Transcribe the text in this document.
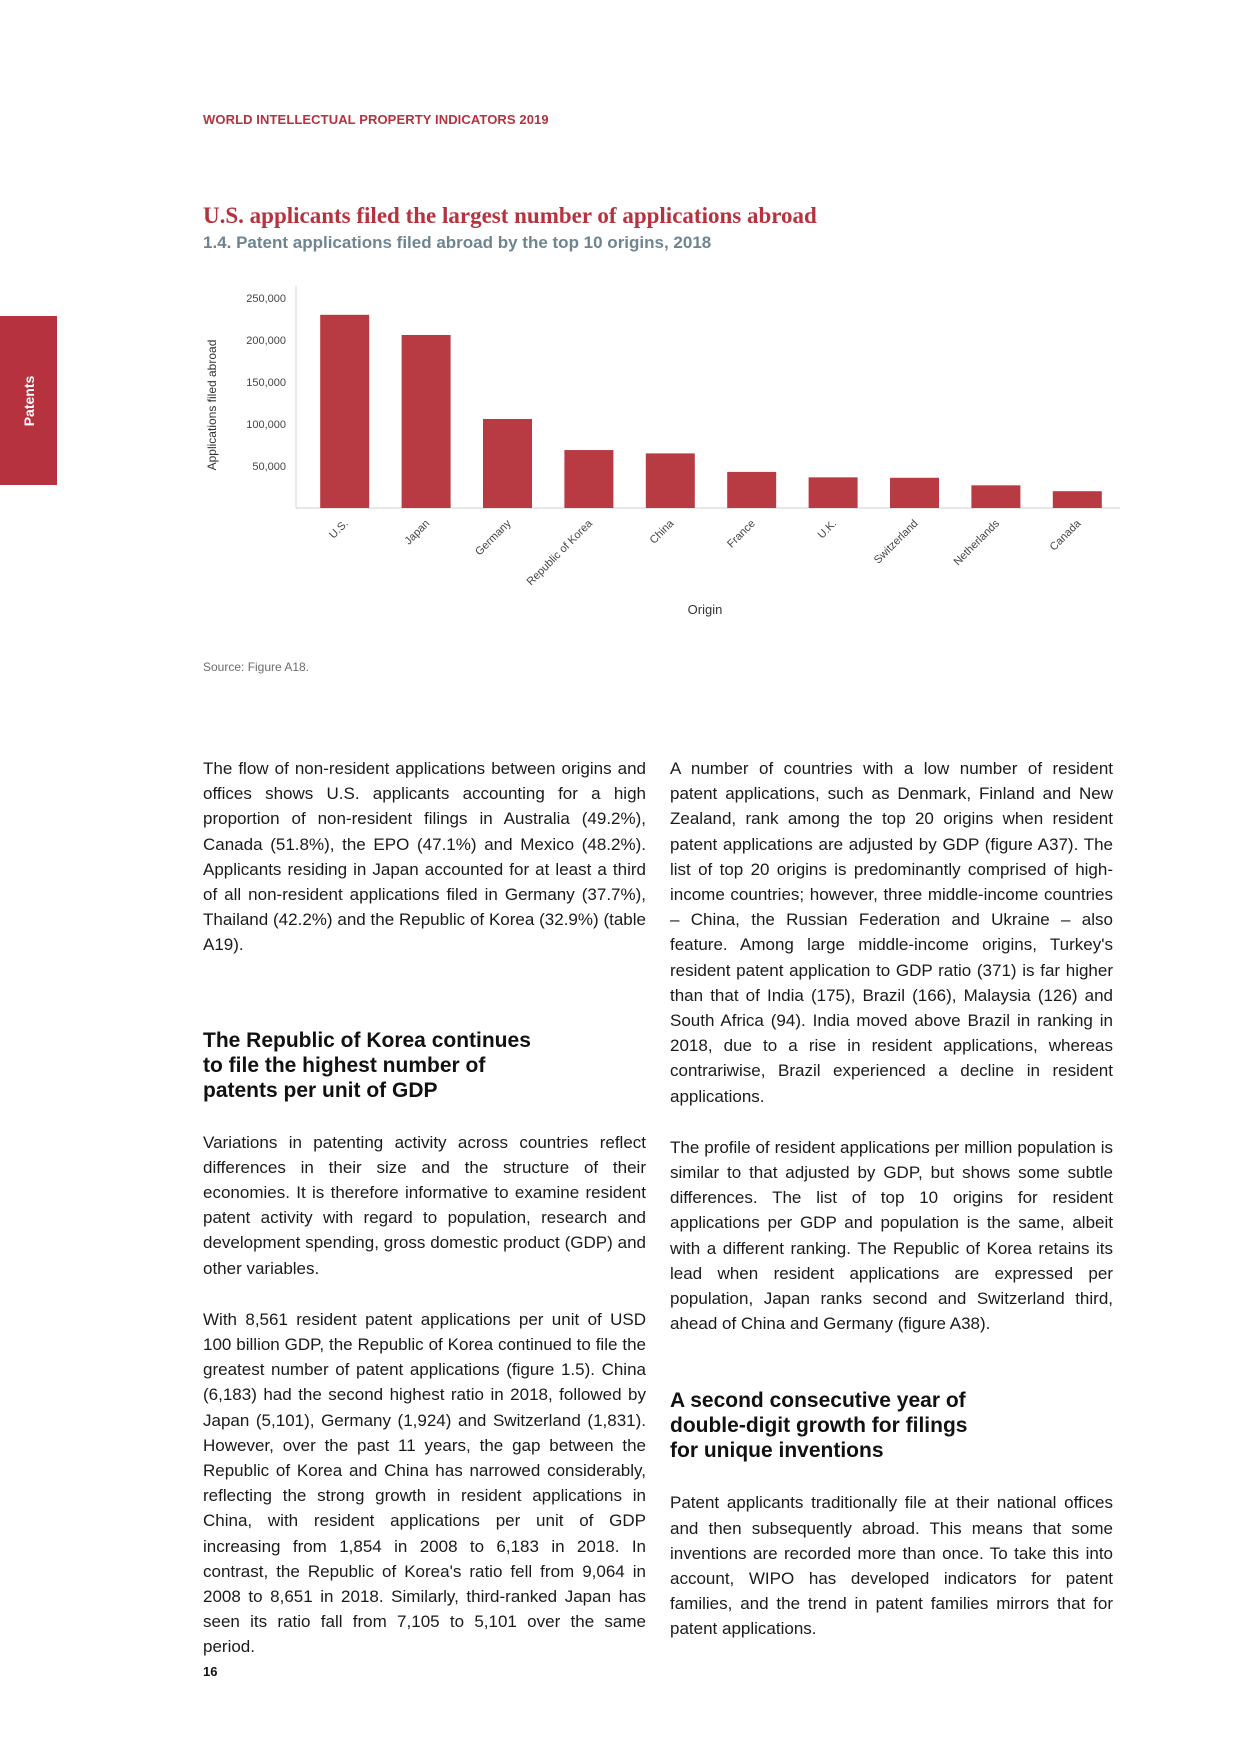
WORLD INTELLECTUAL PROPERTY INDICATORS 2019
Patents
U.S. applicants filed the largest number of applications abroad
1.4. Patent applications filed abroad by the top 10 origins, 2018
50,000
100,000
150,000
200,000
250,000
U.S.	Japan	Germany Republic of Korea	China	France	U.K.	Switzerland	Netherlands	Canada
Applications filed abroad
Origin
Source: Figure A18.

The flow of non-resident applications between origins and offices shows U.S. applicants accounting for a high proportion of non-resident filings in Australia (49.2%), Canada (51.8%), the EPO (47.1%) and Mexico (48.2%). Applicants residing in Japan accounted for at least a third of all non-resident applications filed in Germany (37.7%), Thailand (42.2%) and the Republic of Korea (32.9%) (table A19).

The Republic of Korea continues
to file the highest number of
patents per unit of GDP

Variations in patenting activity across countries reflect differences in their size and the structure of their economies. It is therefore informative to examine resident patent activity with regard to population, research and development spending, gross domestic product (GDP) and other variables.

With 8,561 resident patent applications per unit of USD 100 billion GDP, the Republic of Korea continued to file the greatest number of patent applications (figure 1.5). China (6,183) had the second highest ratio in 2018, followed by Japan (5,101), Germany (1,924) and Switzerland (1,831). However, over the past 11 years, the gap between the Republic of Korea and China has narrowed considerably, reflecting the strong growth in resident applications in China, with resident applications per unit of GDP increasing from 1,854 in 2008 to 6,183 in 2018. In contrast, the Republic of Korea's ratio fell from 9,064 in 2008 to 8,651 in 2018. Similarly, third-ranked Japan has seen its ratio fall from 7,105 to 5,101 over the same period.

A number of countries with a low number of resident patent applications, such as Denmark, Finland and New Zealand, rank among the top 20 origins when resident patent applications are adjusted by GDP (figure A37). The list of top 20 origins is predominantly comprised of high-income countries; however, three middle-income countries – China, the Russian Federation and Ukraine – also feature. Among large middle-income origins, Turkey's resident patent application to GDP ratio (371) is far higher than that of India (175), Brazil (166), Malaysia (126) and South Africa (94). India moved above Brazil in ranking in 2018, due to a rise in resident applications, whereas contrariwise, Brazil experienced a decline in resident applications.

The profile of resident applications per million population is similar to that adjusted by GDP, but shows some subtle differences. The list of top 10 origins for resident applications per GDP and population is the same, albeit with a different ranking. The Republic of Korea retains its lead when resident applications are expressed per population, Japan ranks second and Switzerland third, ahead of China and Germany (figure A38).

A second consecutive year of
double-digit growth for filings
for unique inventions

Patent applicants traditionally file at their national offices and then subsequently abroad. This means that some inventions are recorded more than once. To take this into account, WIPO has developed indicators for patent families, and the trend in patent families mirrors that for patent applications.

16
